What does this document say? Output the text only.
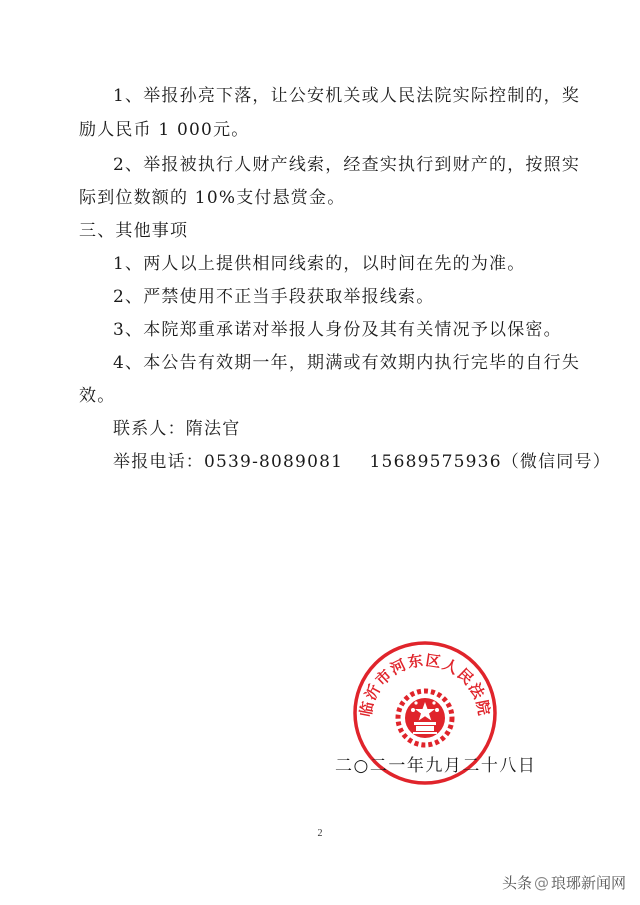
1、举报孙亮下落，让公安机关或人民法院实际控制的，奖
励人民币 1 000元。
2、举报被执行人财产线索，经查实执行到财产的，按照实
际到位数额的 10%支付悬赏金。
三、其他事项
1、两人以上提供相同线索的，以时间在先的为准。
2、严禁使用不正当手段获取举报线索。
3、本院郑重承诺对举报人身份及其有关情况予以保密。
4、本公告有效期一年，期满或有效期内执行完毕的自行失
效。
联系人：隋法官
举报电话：0539-8089081    15689575936（微信同号）
临沂市河东区人民法院
二○二一年九月二十八日
2
头条 @ 琅琊新闻网
